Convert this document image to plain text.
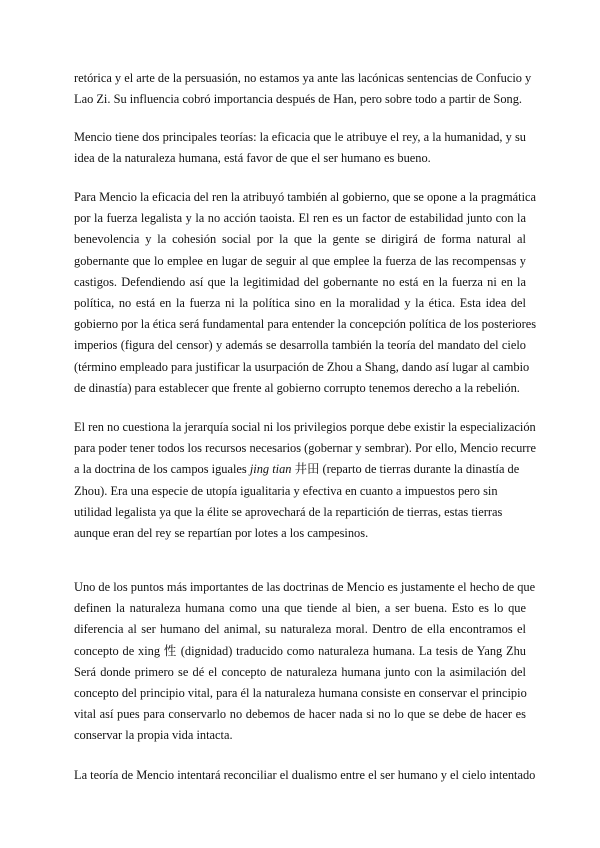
retórica y el arte de la persuasión, no estamos ya ante las lacónicas sentencias de Confucio y
Lao Zi. Su influencia cobró importancia después de Han, pero sobre todo a partir de Song.
Mencio tiene dos principales teorías: la eficacia que le atribuye el rey, a la humanidad, y su
idea de la naturaleza humana, está favor de que el ser humano es bueno.
Para Mencio la eficacia del ren la atribuyó también al gobierno, que se opone a la pragmática
por la fuerza legalista y la no acción taoista. El ren es un factor de estabilidad junto con la
benevolencia y la cohesión social por la que la gente se dirigirá de forma natural al
gobernante que lo emplee en lugar de seguir al que emplee la fuerza de las recompensas y
castigos. Defendiendo así que la legitimidad del gobernante no está en la fuerza ni en la
política, no está en la fuerza ni la política sino en la moralidad y la ética. Esta idea del
gobierno por la ética será fundamental para entender la concepción política de los posteriores
imperios (figura del censor) y además se desarrolla también la teoría del mandato del cielo
(término empleado para justificar la usurpación de Zhou a Shang, dando así lugar al cambio
de dinastía) para establecer que frente al gobierno corrupto tenemos derecho a la rebelión.
El ren no cuestiona la jerarquía social ni los privilegios porque debe existir la especialización
para poder tener todos los recursos necesarios (gobernar y sembrar). Por ello, Mencio recurre
a la doctrina de los campos iguales jing tian 井田 (reparto de tierras durante la dinastía de
Zhou). Era una especie de utopía igualitaria y efectiva en cuanto a impuestos pero sin
utilidad legalista ya que la élite se aprovechará de la repartición de tierras, estas tierras
aunque eran del rey se repartían por lotes a los campesinos.
Uno de los puntos más importantes de las doctrinas de Mencio es justamente el hecho de que
definen la naturaleza humana como una que tiende al bien, a ser buena. Esto es lo que
diferencia al ser humano del animal, su naturaleza moral. Dentro de ella encontramos el
concepto de xing 性 (dignidad) traducido como naturaleza humana. La tesis de Yang Zhu
Será donde primero se dé el concepto de naturaleza humana junto con la asimilación del
concepto del principio vital, para él la naturaleza humana consiste en conservar el principio
vital así pues para conservarlo no debemos de hacer nada si no lo que se debe de hacer es
conservar la propia vida intacta.
La teoría de Mencio intentará reconciliar el dualismo entre el ser humano y el cielo intentado
